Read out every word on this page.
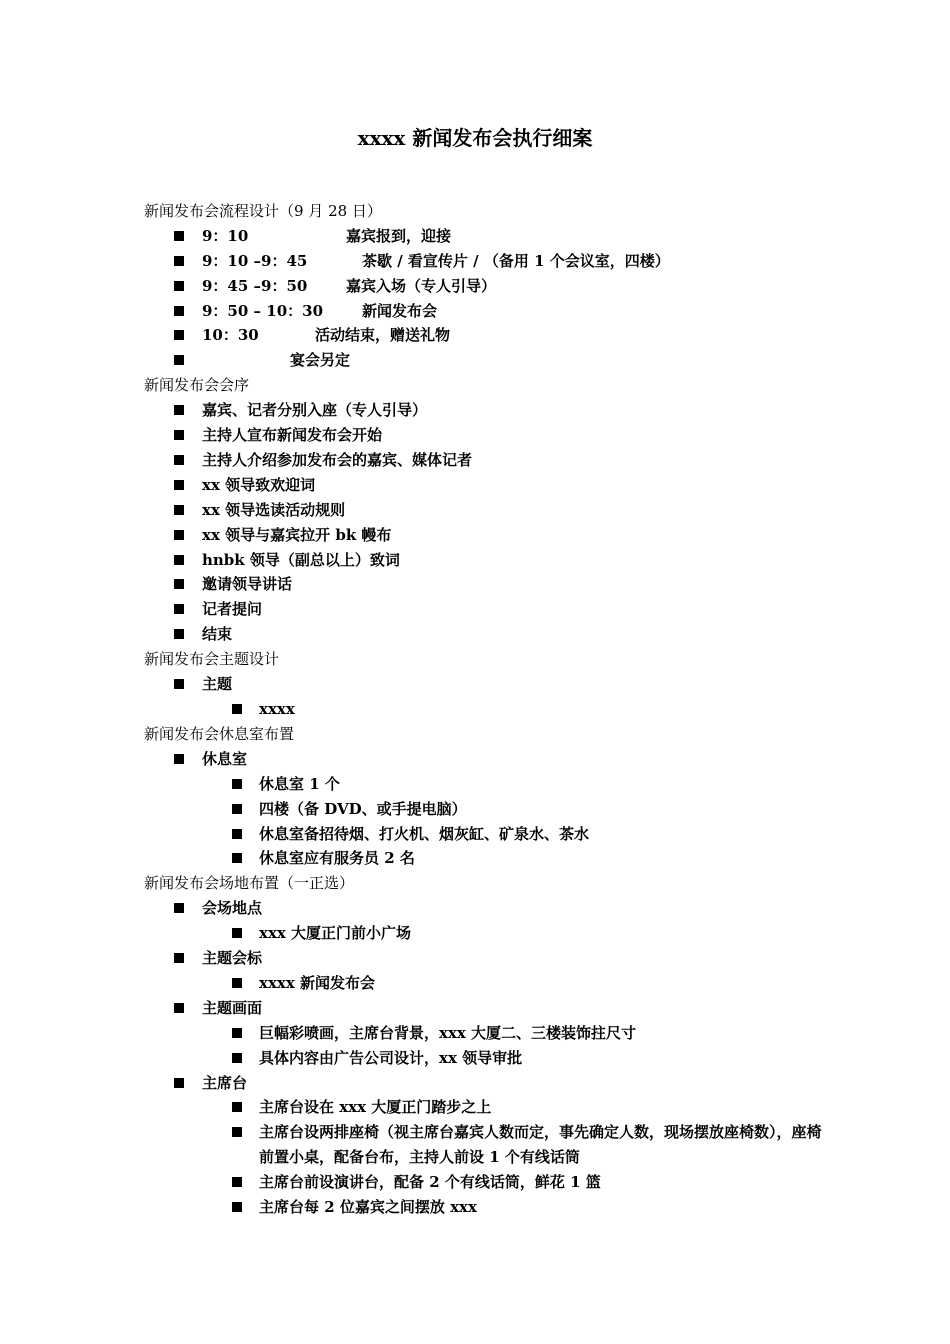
xxxx 新闻发布会执行细案
新闻发布会流程设计（9 月 28 日）
9：10	嘉宾报到，迎接
9：10 –9：45	茶歇 / 看宣传片 / （备用 1 个会议室，四楼）
9：45 –9：50	嘉宾入场（专人引导）
9：50 – 10：30	新闻发布会
10：30	活动结束，赠送礼物
宴会另定
新闻发布会会序
嘉宾、记者分别入座（专人引导）
主持人宣布新闻发布会开始
主持人介绍参加发布会的嘉宾、媒体记者
xx 领导致欢迎词
xx 领导选读活动规则
xx 领导与嘉宾拉开 bk 幔布
hnbk 领导（副总以上）致词
邀请领导讲话
记者提问
结束
新闻发布会主题设计
主题
xxxx
新闻发布会休息室布置
休息室
休息室 1 个
四楼（备 DVD、或手提电脑）
休息室备招待烟、打火机、烟灰缸、矿泉水、茶水
休息室应有服务员 2 名
新闻发布会场地布置（一正选）
会场地点
xxx 大厦正门前小广场
主题会标
xxxx 新闻发布会
主题画面
巨幅彩喷画，主席台背景，xxx 大厦二、三楼装饰拄尺寸
具体内容由广告公司设计，xx 领导审批
主席台
主席台设在 xxx 大厦正门踏步之上
主席台设两排座椅（视主席台嘉宾人数而定，事先确定人数，现场摆放座椅数），座椅前置小桌，配备台布，主持人前设 1 个有线话筒
主席台前设演讲台，配备 2 个有线话筒，鲜花 1 篮
主席台每 2 位嘉宾之间摆放 xxx
